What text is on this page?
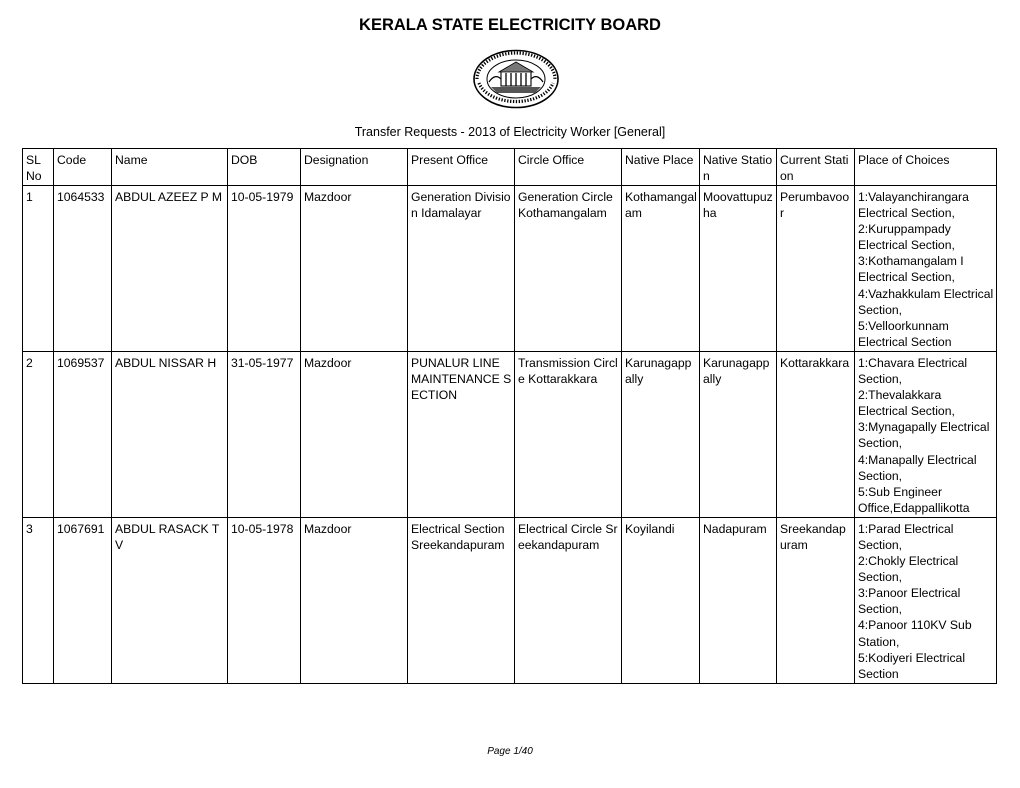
KERALA STATE ELECTRICITY BOARD
Transfer Requests - 2013 of Electricity Worker [General]
SL No	Code	Name	DOB	Designation	Present Office	Circle Office	Native Place	Native Station	Current Station	Place of Choices
1	1064533	ABDUL AZEEZ P M	10-05-1979	Mazdoor	Generation Division Idamalayar	Generation Circle Kothamangalam	Kothamangalam	Moovattupuzha	Perumbavoor	1:Valayanchirangara Electrical Section,
2:Kuruppampady Electrical Section,
3:Kothamangalam I Electrical Section,
4:Vazhakkulam Electrical Section,
5:Velloorkunnam Electrical Section

2	1069537	ABDUL NISSAR H	31-05-1977	Mazdoor	PUNALUR LINE MAINTENANCE SECTION	Transmission Circle Kottarakkara	Karunagappally	Karunagappally	Kottarakkara	1:Chavara Electrical Section,
2:Thevalakkara Electrical Section,
3:Mynagapally Electrical Section,
4:Manapally Electrical Section,
5:Sub Engineer Office,Edappallikotta

3	1067691	ABDUL RASACK T V	10-05-1978	Mazdoor	Electrical Section Sreekandapuram	Electrical Circle Sreekandapuram	Koyilandi	Nadapuram	Sreekandapuram	1:Parad Electrical Section,
2:Chokly Electrical Section,
3:Panoor Electrical Section,
4:Panoor 110KV Sub Station,
5:Kodiyeri Electrical Section
Page 1/40
